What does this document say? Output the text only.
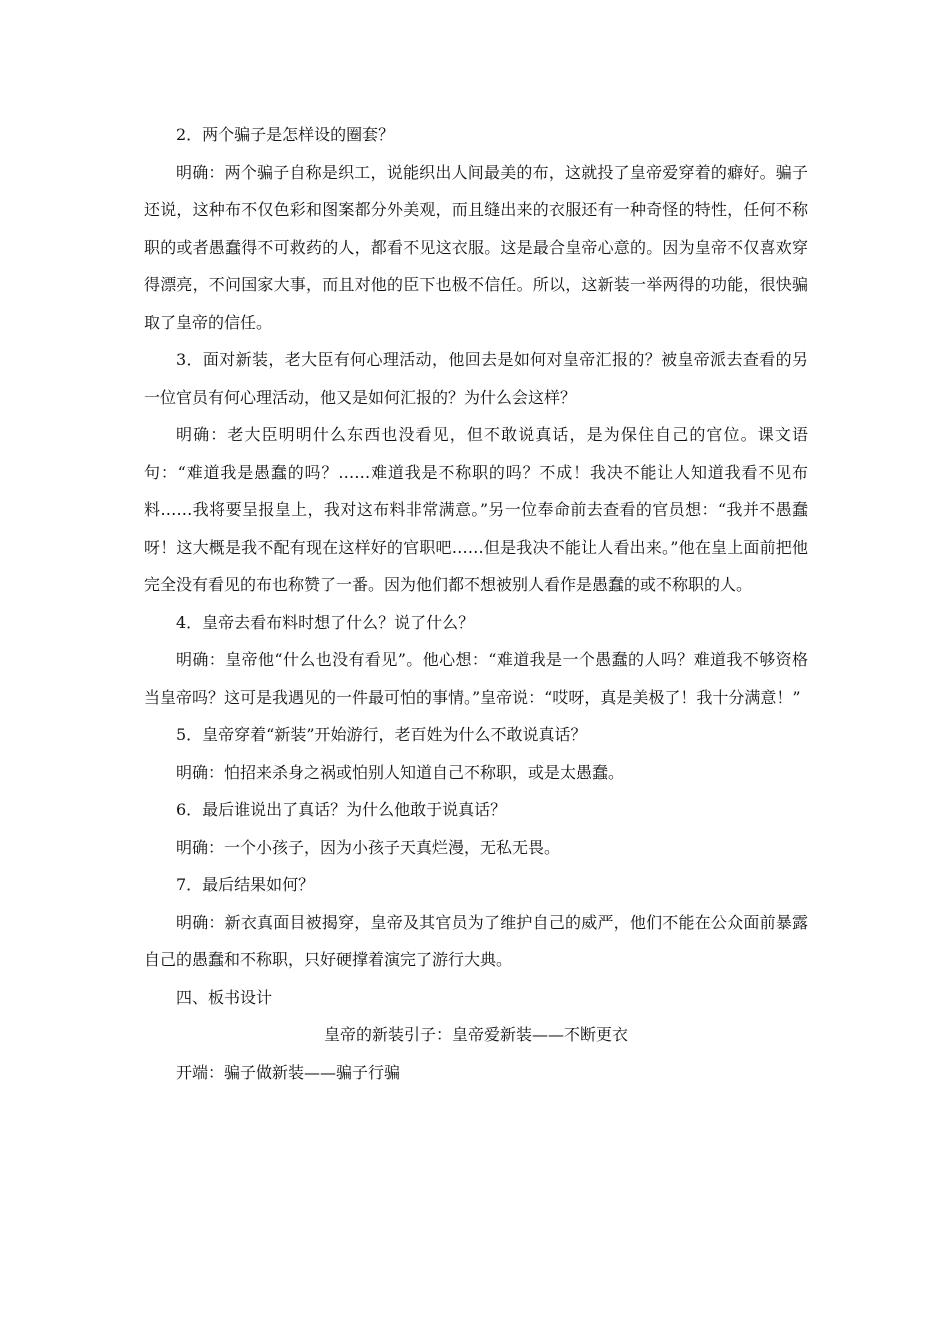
2．两个骗子是怎样设的圈套？

明确：两个骗子自称是织工，说能织出人间最美的布，这就投了皇帝爱穿着的癖好。骗子还说，这种布不仅色彩和图案都分外美观，而且缝出来的衣服还有一种奇怪的特性，任何不称职的或者愚蠢得不可救药的人，都看不见这衣服。这是最合皇帝心意的。因为皇帝不仅喜欢穿得漂亮，不问国家大事，而且对他的臣下也极不信任。所以，这新装一举两得的功能，很快骗取了皇帝的信任。

3．面对新装，老大臣有何心理活动，他回去是如何对皇帝汇报的？被皇帝派去查看的另一位官员有何心理活动，他又是如何汇报的？为什么会这样？

明确：老大臣明明什么东西也没看见，但不敢说真话，是为保住自己的官位。课文语句：“难道我是愚蠢的吗？……难道我是不称职的吗？不成！我决不能让人知道我看不见布料……我将要呈报皇上，我对这布料非常满意。”另一位奉命前去查看的官员想：“我并不愚蠢呀！这大概是我不配有现在这样好的官职吧……但是我决不能让人看出来。”他在皇上面前把他完全没有看见的布也称赞了一番。因为他们都不想被别人看作是愚蠢的或不称职的人。

4．皇帝去看布料时想了什么？说了什么？

明确：皇帝他“什么也没有看见”。他心想：“难道我是一个愚蠢的人吗？难道我不够资格当皇帝吗？这可是我遇见的一件最可怕的事情。”皇帝说：“哎呀，真是美极了！我十分满意！”

5．皇帝穿着“新装”开始游行，老百姓为什么不敢说真话？

明确：怕招来杀身之祸或怕别人知道自己不称职，或是太愚蠢。

6．最后谁说出了真话？为什么他敢于说真话？

明确：一个小孩子，因为小孩子天真烂漫，无私无畏。

7．最后结果如何？

明确：新衣真面目被揭穿，皇帝及其官员为了维护自己的威严，他们不能在公众面前暴露自己的愚蠢和不称职，只好硬撑着演完了游行大典。

四、板书设计

皇帝的新装引子：皇帝爱新装——不断更衣

开端：骗子做新装——骗子行骗
